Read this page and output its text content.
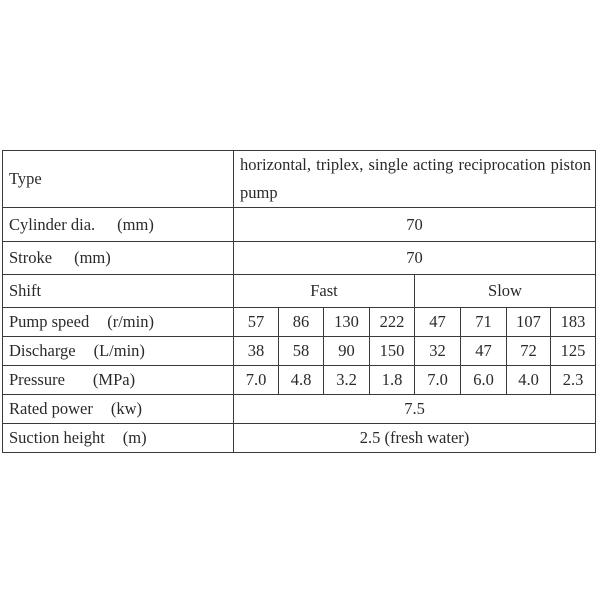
Type	horizontal, triplex, single acting reciprocation piston pump							
Cylinder dia. (mm)	70							
Stroke (mm)	70							
Shift	Fast				Slow			
Pump speed (r/min)	57	86	130	222	47	71	107	183
Discharge (L/min)	38	58	90	150	32	47	72	125
Pressure (MPa)	7.0	4.8	3.2	1.8	7.0	6.0	4.0	2.3
Rated power (kw)	7.5							
Suction height (m)	2.5 (fresh water)							
